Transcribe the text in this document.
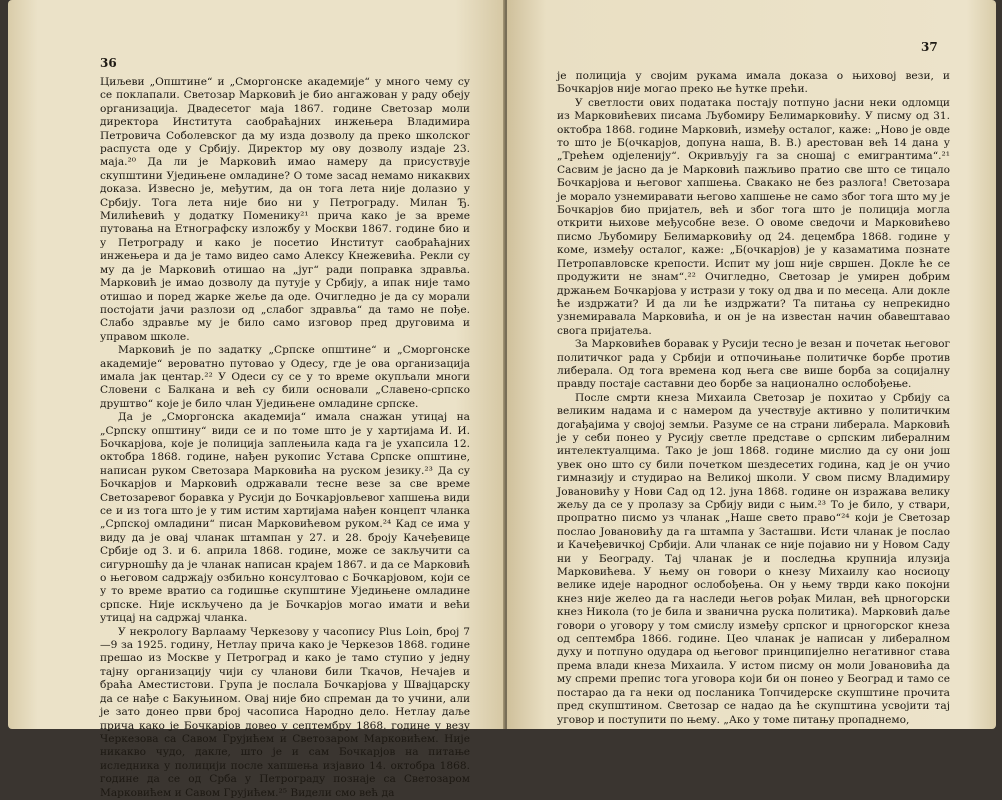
36

Циљеви „Општине“ и „Сморгонске академије“ у много чему су се поклапали. Светозар Марковић је био ангажован у раду обеју организација. Двадесетог маја 1867. године Светозар моли директора Института саобраћајних инжењера Владимира Петровича Соболевског да му изда дозволу да преко школског распуста оде у Србију. Директор му ову дозволу издаје 23. маја.²⁰ Да ли је Марковић имао намеру да присуствује скупштини Уједињене омладине? О томе засад немамо никаквих доказа. Извесно је, међутим, да он тога лета није долазио у Србију. Тога лета није био ни у Петрограду. Милан Ђ. Милићевић у додатку Поменику²¹ прича како је за време путовања на Етнографску изложбу у Москви 1867. године био и у Петрограду и како је посетио Институт саобраћајних инжењера и да је тамо видео само Алексу Кнежевића. Рекли су му да је Марковић отишао на „југ“ ради поправка здравља. Марковић је имао дозволу да путује у Србију, а ипак није тамо отишао и поред жарке жеље да оде. Очигледно је да су морали постојати јачи разлози од „слабог здравља“ да тамо не пође. Слабо здравље му је било само изговор пред друговима и управом школе.

Марковић је по задатку „Српске општине“ и „Сморгонске академије“ вероватно путовао у Одесу, где је ова организација имала јак центар.²² У Одеси су се у то време окупљали многи Словени с Балкана и већ су били основали „Славено-српско друштво“ које је било члан Уједињене омладине српске.

Да је „Сморгонска академија“ имала снажан утицај на „Српску општину“ види се и по томе што је у хартијама И. И. Бочкарјова, које је полиција заплењила када га је ухапсила 12. октобра 1868. године, нађен рукопис Устава Српске општине, написан руком Светозара Марковића на руском језику.²³ Да су Бочкарјов и Марковић одржавали тесне везе за све време Светозаревог боравка у Русији до Бочкарјовљевог хапшења види се и из тога што је у тим истим хартијама нађен концепт чланка „Српској омладини“ писан Марковићевом руком.²⁴ Кад се има у виду да је овај чланак штампан у 27. и 28. броју Качеђевице Србије од 3. и 6. априла 1868. године, може се закључити са сигурношћу да је чланак написан крајем 1867. и да се Марковић о његовом садржају озбиљно консултовао с Бочкарјовом, који се у то време вратио са годишње скупштине Уједињене омладине српске. Није искључено да је Бочкарјов могао имати и већи утицај на садржај чланка.

У некрологу Варлааму Черкезову у часопису Plus Loin, број 7—9 за 1925. годину, Нетлау прича како је Черкезов 1868. године прешао из Москве у Петроград и како је тамо ступио у једну тајну организацију чији су чланови били Ткачов, Нечајев и браћа Аместистови. Група је послала Бочкарјова у Швајцарску да се нађе с Бакуњином. Овај није био спреман да то учини, али је зато донео први број часописа Народно дело. Нетлау даље прича како је Бочкарјов довео у септембру 1868. године у везу Черкезова са Савом Грујићем и Светозаром Марковићем. Није никакво чудо, дакле, што је и сам Бочкарјов на питање иследника у полицији после хапшења изјавио 14. октобра 1868. године да се од Срба у Петрограду познаје са Светозаром Марковићем и Савом Грујићем.²⁵ Видели смо већ да

37

је полиција у својим рукама имала доказа о њиховој вези, и Бочкарјов није могао преко ње ћутке прећи.

У светлости ових података постају потпуно јасни неки одломци из Марковићевих писама Љубомиру Белимарковићу. У писму од 31. октобра 1868. године Марковић, између осталог, каже: „Ново је овде то што је Б(очкарјов, допуна наша, В. В.) арестован већ 14 дана у „Трећем одјеленију“. Окривљују га за сношај с емигрантима“.²¹ Сасвим је јасно да је Марковић пажљиво пратио све што се тицало Бочкарјова и његовог хапшења. Свакако не без разлога! Светозара је морало узнемиравати његово хапшење не само због тога што му је Бочкарјов био пријатељ, већ и због тога што је полиција могла открити њихове међусобне везе. О овоме сведочи и Марковићево писмо Љубомиру Белимарковићу од 24. децембра 1868. године у коме, између осталог, каже: „Б(очкарјов) је у казаматима познате Петропавловске крепости. Испит му још није свршен. Докле ће се продужити не знам“.²² Очигледно, Светозар је умирен добрим држањем Бочкарјова у истрази у току од два и по месеца. Али докле ће издржати? И да ли ће издржати? Та питања су непрекидно узнемиравала Марковића, и он је на известан начин обавештавао свога пријатеља.

За Марковићев боравак у Русији тесно је везан и почетак његовог политичког рада у Србији и отпочињање политичке борбе против либерала. Од тога времена код њега све више борба за социјалну правду постаје саставни део борбе за национално ослобођење.

После смрти кнеза Михаила Светозар је похитао у Србију са великим надама и с намером да учествује активно у политичким догађајима у својој земљи. Разуме се на страни либерала. Марковић је у себи понео у Русију светле представе о српским либералним интелектуалцима. Тако је још 1868. године мислио да су они још увек оно што су били почетком шездесетих година, кад је он учио гимназију и студирао на Великој школи. У свом писму Владимиру Јовановићу у Нови Сад од 12. јуна 1868. године он изражава велику жељу да се у пролазу за Србију види с њим.²³ То је било, у ствари, пропратно писмо уз чланак „Наше свето право“²⁴ који је Светозар послао Јовановићу да га штампа у Засташви. Исти чланак је послао и Качеђевичкој Србији. Али чланак се није појавио ни у Новом Саду ни у Београду. Тај чланак је и последња крупнија илузија Марковићева. У њему он говори о кнезу Михаилу као носиоцу велике идеје народног ослобођења. Он у њему тврди како покојни кнез није желео да га наследи његов рођак Милан, већ црногорски кнез Никола (то је била и званична руска политика). Марковић даље говори о уговору у том смислу између српског и црногорског кнеза од септембра 1866. године. Цео чланак је написан у либералном духу и потпуно одудара од његовог принципијелно негативног става према влади кнеза Михаила. У истом писму он моли Јовановића да му спреми препис тога уговора који би он понео у Београд и тамо се постарао да га неки од посланика Топчидерске скупштине прочита пред скупштином. Светозар се надао да ће скупштина усвојити тај уговор и поступити по њему. „Ако у томе питању пропаднемо,
